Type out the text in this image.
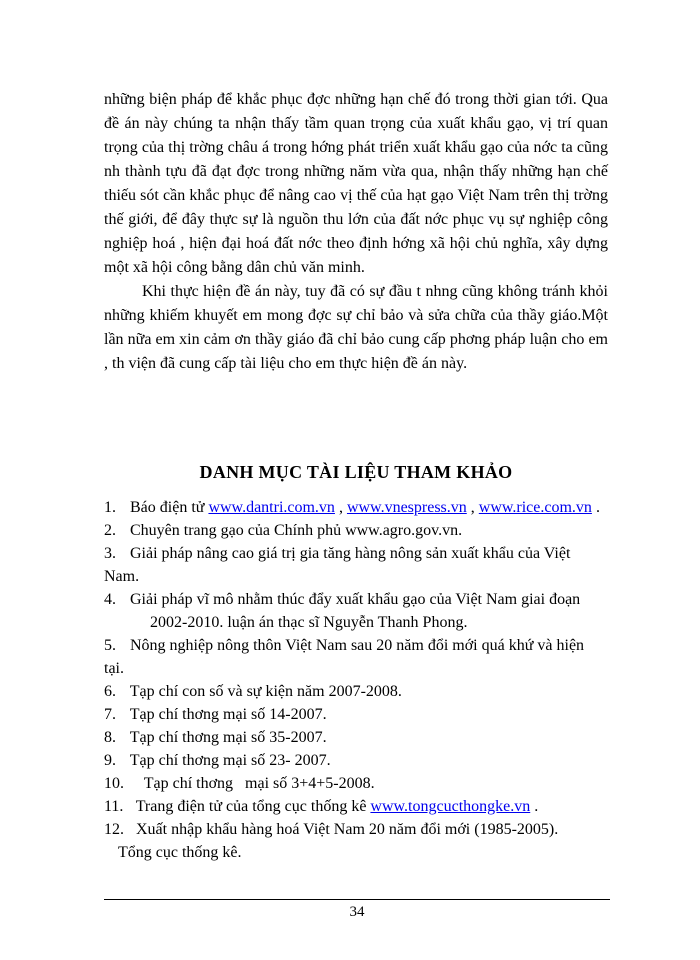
những biện pháp để khắc phục đợc những hạn chế đó trong thời gian tới. Qua đề án này chúng ta nhận thấy tầm quan trọng của xuất khẩu gạo, vị trí quan trọng của thị trờng châu á trong hớng phát triển xuất khẩu gạo của nớc ta cũng nh thành tựu đã đạt đợc trong những năm vừa qua, nhận thấy những hạn chế thiếu sót cần khắc phục để nâng cao vị thế của hạt gạo Việt Nam trên thị trờng thế giới, để đây thực sự là nguồn thu lớn của đất nớc phục vụ sự nghiệp công nghiệp hoá , hiện đại hoá đất nớc theo định hớng xã hội chủ nghĩa, xây dựng một xã hội công bằng dân chủ văn minh.

Khi thực hiện đề án này, tuy đã có sự đầu t nhng cũng không tránh khỏi những khiếm khuyết em mong đợc sự chỉ bảo và sửa chữa của thầy giáo.Một lần nữa em xin cảm ơn thầy giáo đã chỉ bảo cung cấp phơng pháp luận cho em , th viện đã cung cấp tài liệu cho em thực hiện đề án này.

DANH MỤC TÀI LIỆU THAM KHẢO
1. Báo điện tử www.dantri.com.vn , www.vnespress.vn , www.rice.com.vn .
2. Chuyên trang gạo của Chính phủ www.agro.gov.vn.
3. Giải pháp nâng cao giá trị gia tăng hàng nông sản xuất khẩu của Việt Nam.
4. Giải pháp vĩ mô nhằm thúc đẩy xuất khẩu gạo của Việt Nam giai đoạn
2002-2010. luận án thạc sĩ Nguyễn Thanh Phong.
5. Nông nghiệp nông thôn Việt Nam sau 20 năm đổi mới quá khứ và hiện tại.
6. Tạp chí con số và sự kiện năm 2007-2008.
7. Tạp chí thơng mại số 14-2007.
8. Tạp chí thơng mại số 35-2007.
9. Tạp chí thơng mại số 23- 2007.
10.   Tạp chí thơng   mại số 3+4+5-2008.
11. Trang điện tử của tổng cục thống kê www.tongcucthongke.vn .
12. Xuất nhập khẩu hàng hoá Việt Nam 20 năm đổi mới (1985-2005).
Tổng cục thống kê.
34
